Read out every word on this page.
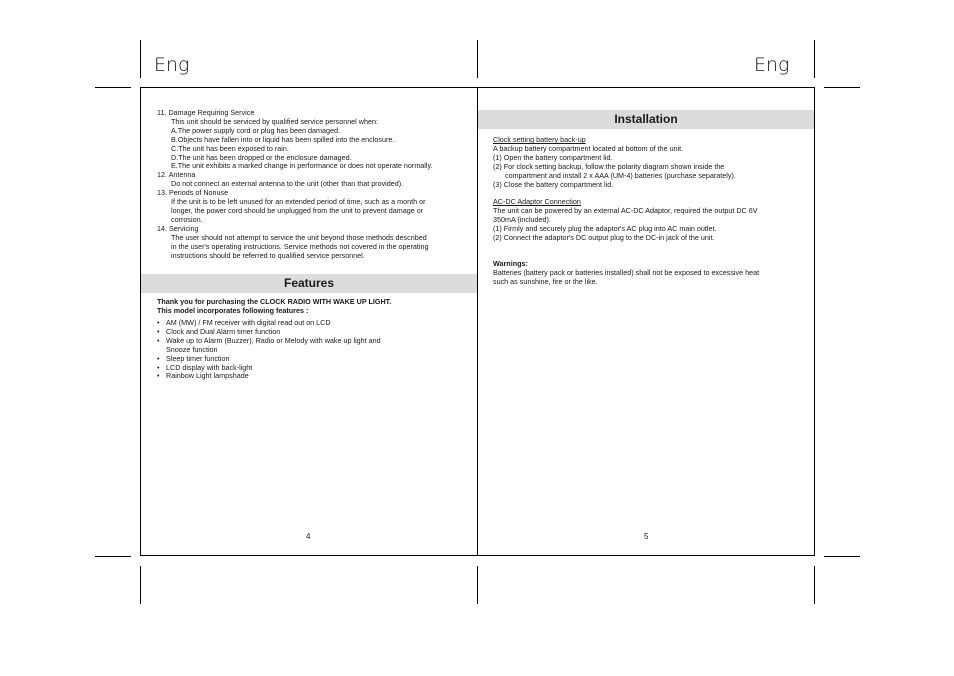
Eng	Eng
11. Damage Requiring Service
This unit should be serviced by qualified service personnel when:
A.The power supply cord or plug has been damaged.
B.Objects have fallen into or liquid has been spilled into the enclosure.
C.The unit has been exposed to rain.
D.The unit has been dropped or the enclosure damaged.
E.The unit exhibits a marked change in performance or does not operate normally.
12. Antenna
Do not connect an external antenna to the unit (other than that provided).
13. Periods of Nonuse
If the unit is to be left unused for an extended period of time, such as a month or
longer, the power cord should be unplugged from the unit to prevent damage or
corrosion.
14. Servicing
The user should not attempt to service the unit beyond those methods described
in the user's operating instructions. Service methods not covered in the operating
instructions should be referred to qualified service personnel.
Features
Thank you for purchasing the CLOCK RADIO WITH WAKE UP LIGHT.
This model incorporates following features :
• AM (MW) / FM receiver with digital read out on LCD
• Clock and Dual Alarm timer function
• Wake up to Alarm (Buzzer), Radio or Melody with wake up light and
Snooze function
• Sleep timer function
• LCD display with back-light
• Rainbow Light lampshade
4
Installation
Clock setting battery back-up
A backup battery compartment located at bottom of the unit.
(1) Open the battery compartment lid.
(2) For clock setting backup, follow the polarity diagram shown inside the
compartment and install 2 x AAA (UM-4) batteries (purchase separately).
(3) Close the battery compartment lid.
AC-DC Adaptor Connection
The unit can be powered by an external AC-DC Adaptor, required the output DC 6V
350mA (included).
(1) Firmly and securely plug the adaptor's AC plug into AC main outlet.
(2) Connect the adaptor's DC output plug to the DC-in jack of the unit.
Warnings:
Batteries (battery pack or batteries installed) shall not be exposed to excessive heat
such as sunshine, fire or the like.
5
